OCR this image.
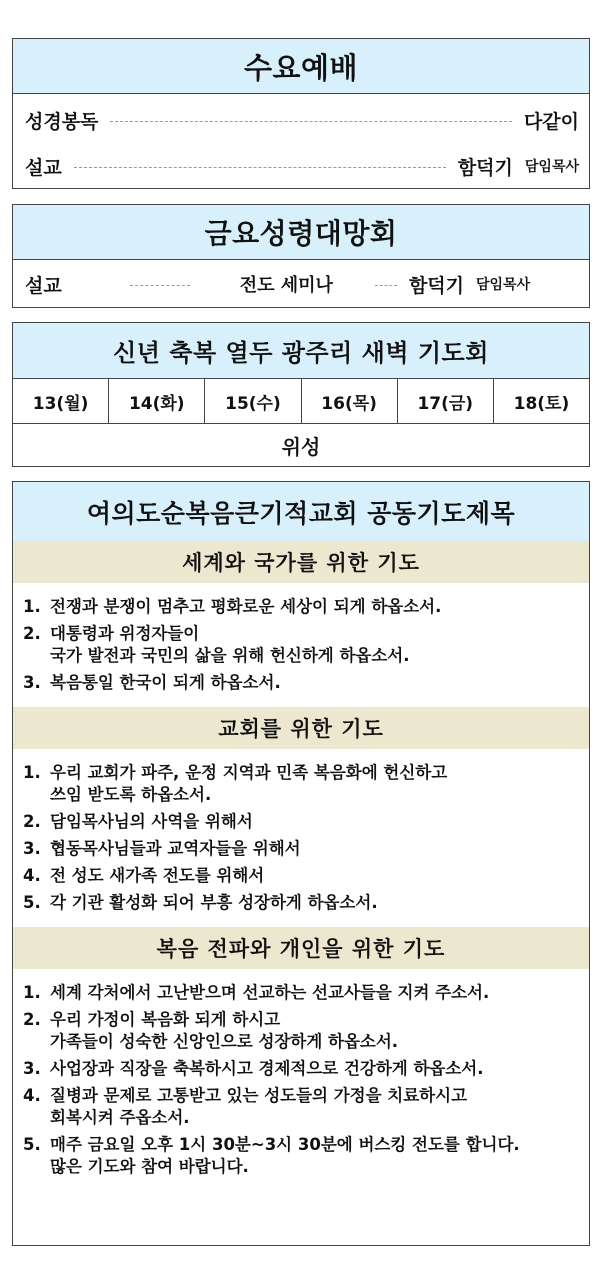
수요예배
성경봉독	다같이
설교	함덕기 담임목사
금요성령대망회
설교	전도 세미나	함덕기 담임목사
신년 축복 열두 광주리 새벽 기도회
13(월)	14(화)	15(수)	16(목)	17(금)	18(토)
위성
여의도순복음큰기적교회 공동기도제목
세계와 국가를 위한 기도
1. 전쟁과 분쟁이 멈추고 평화로운 세상이 되게 하옵소서.
2. 대통령과 위정자들이
국가 발전과 국민의 삶을 위해 헌신하게 하옵소서.
3. 복음통일 한국이 되게 하옵소서.
교회를 위한 기도
1. 우리 교회가 파주, 운정 지역과 민족 복음화에 헌신하고
쓰임 받도록 하옵소서.
2. 담임목사님의 사역을 위해서
3. 협동목사님들과 교역자들을 위해서
4. 전 성도 새가족 전도를 위해서
5. 각 기관 활성화 되어 부흥 성장하게 하옵소서.
복음 전파와 개인을 위한 기도
1. 세계 각처에서 고난받으며 선교하는 선교사들을 지켜 주소서.
2. 우리 가정이 복음화 되게 하시고
가족들이 성숙한 신앙인으로 성장하게 하옵소서.
3. 사업장과 직장을 축복하시고 경제적으로 건강하게 하옵소서.
4. 질병과 문제로 고통받고 있는 성도들의 가정을 치료하시고
회복시켜 주옵소서.
5. 매주 금요일 오후 1시 30분~3시 30분에 버스킹 전도를 합니다.
많은 기도와 참여 바랍니다.
